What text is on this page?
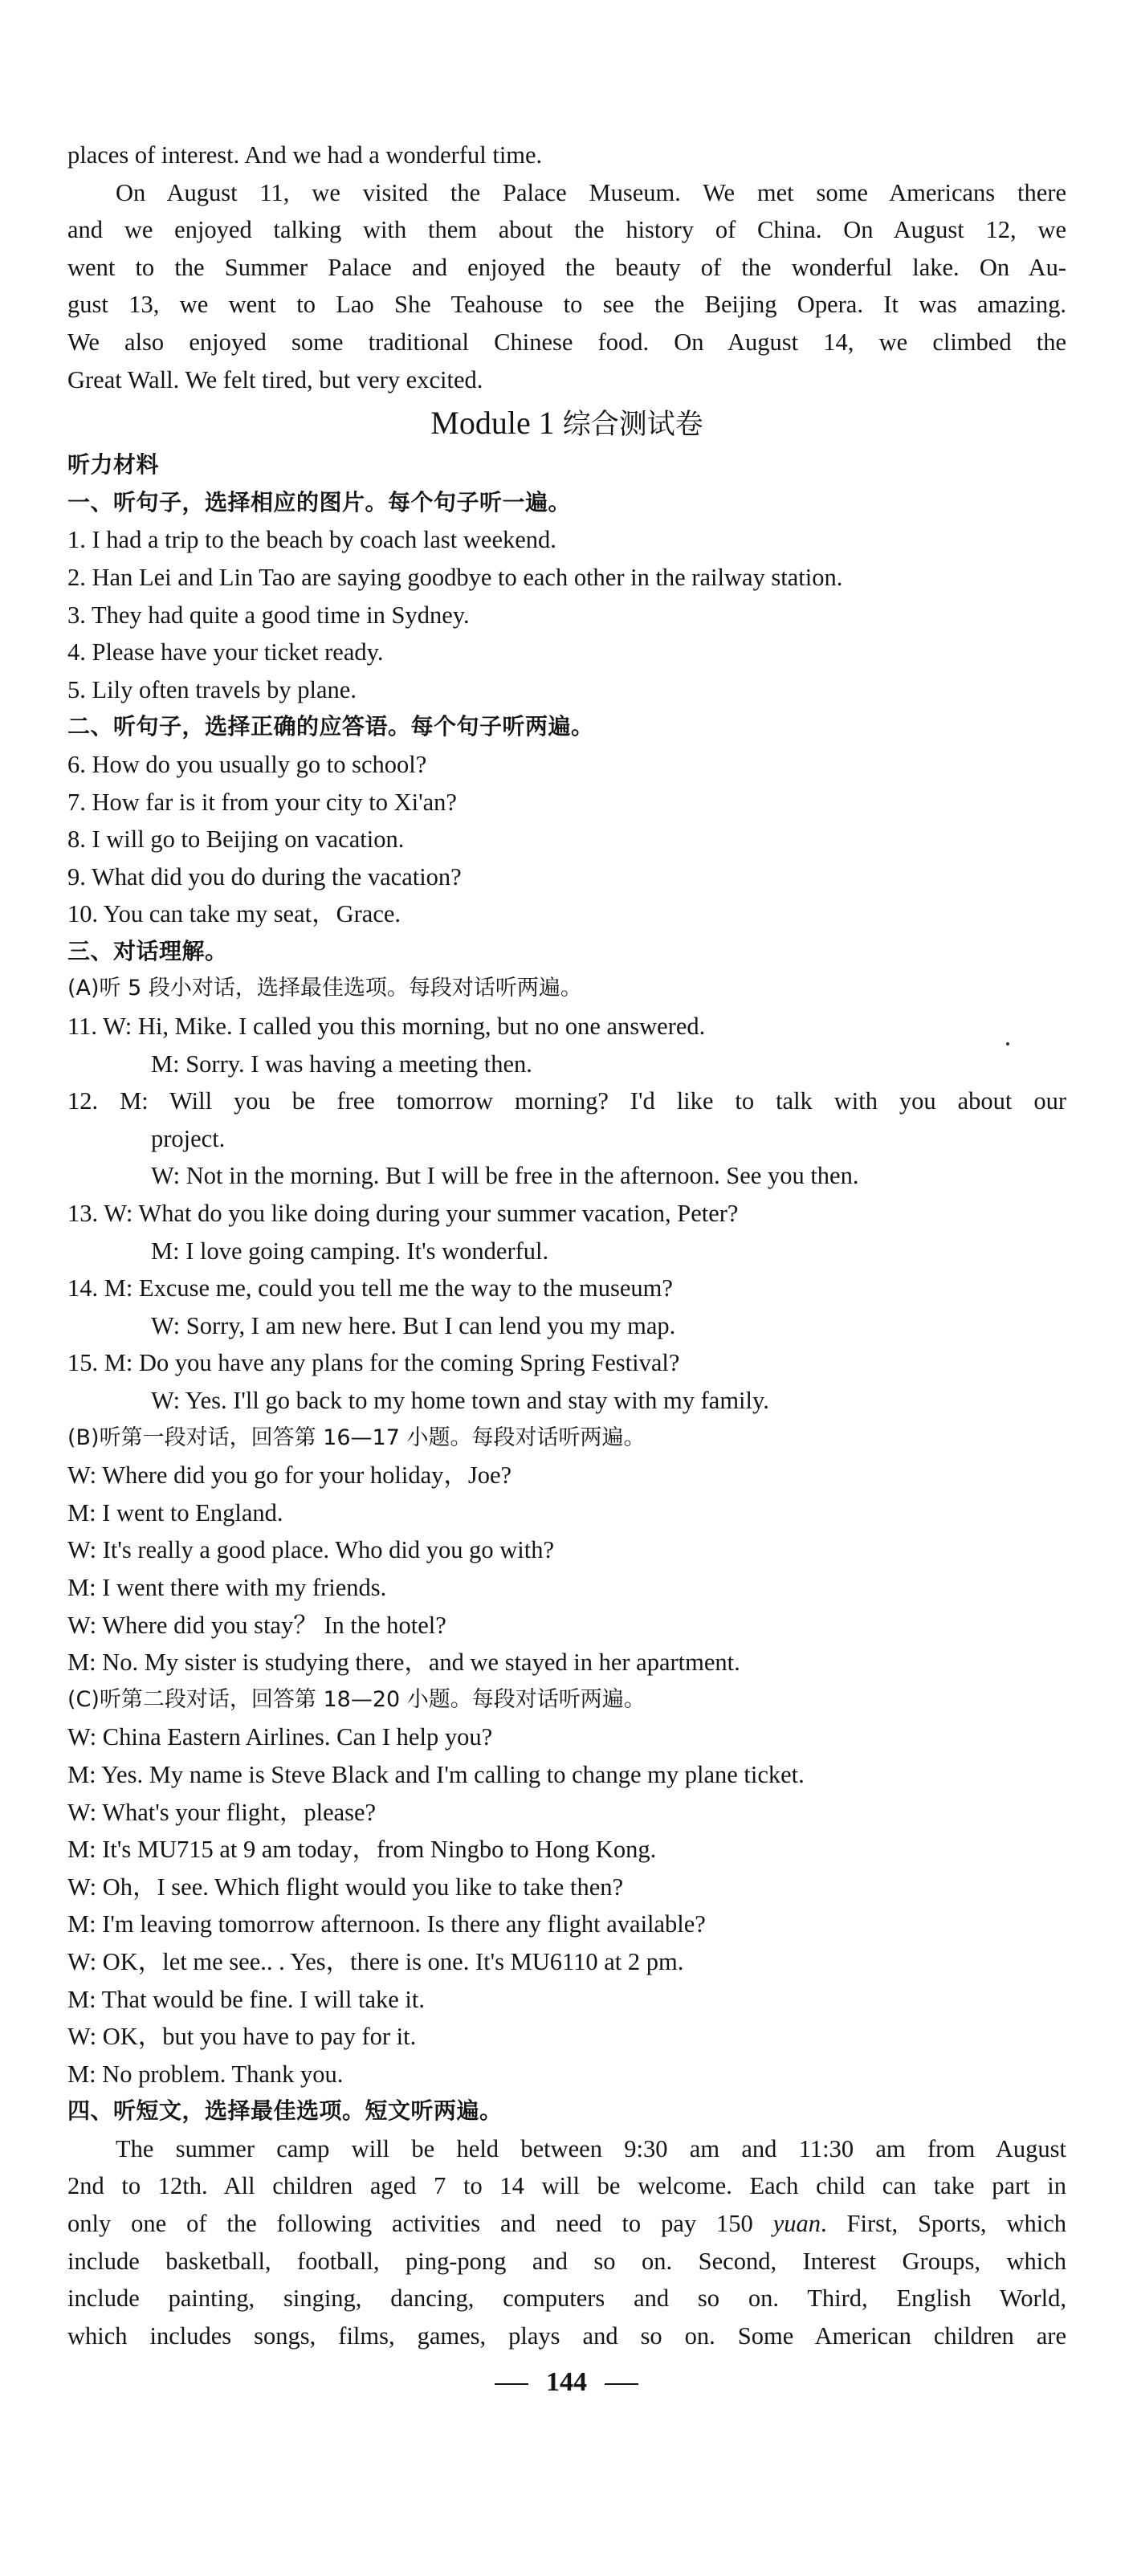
places of interest. And we had a wonderful time.
On August 11, we visited the Palace Museum. We met some Americans there
and we enjoyed talking with them about the history of China. On August 12, we
went to the Summer Palace and enjoyed the beauty of the wonderful lake. On Au-
gust 13, we went to Lao She Teahouse to see the Beijing Opera. It was amazing.
We also enjoyed some traditional Chinese food. On August 14, we climbed the
Great Wall. We felt tired, but very excited.
Module 1 综合测试卷
听力材料
一、听句子，选择相应的图片。每个句子听一遍。
1. I had a trip to the beach by coach last weekend.
2. Han Lei and Lin Tao are saying goodbye to each other in the railway station.
3. They had quite a good time in Sydney.
4. Please have your ticket ready.
5. Lily often travels by plane.
二、听句子，选择正确的应答语。每个句子听两遍。
6. How do you usually go to school?
7. How far is it from your city to Xi'an?
8. I will go to Beijing on vacation.
9. What did you do during the vacation?
10. You can take my seat，Grace.
三、对话理解。
(A)听 5 段小对话，选择最佳选项。每段对话听两遍。
11. W: Hi, Mike. I called you this morning, but no one answered.
M: Sorry. I was having a meeting then.
12. M: Will you be free tomorrow morning? I'd like to talk with you about our
project.
W: Not in the morning. But I will be free in the afternoon. See you then.
13. W: What do you like doing during your summer vacation, Peter?
M: I love going camping. It's wonderful.
14. M: Excuse me, could you tell me the way to the museum?
W: Sorry, I am new here. But I can lend you my map.
15. M: Do you have any plans for the coming Spring Festival?
W: Yes. I'll go back to my home town and stay with my family.
(B)听第一段对话，回答第 16—17 小题。每段对话听两遍。
W: Where did you go for your holiday，Joe?
M: I went to England.
W: It's really a good place. Who did you go with?
M: I went there with my friends.
W: Where did you stay？ In the hotel?
M: No. My sister is studying there，and we stayed in her apartment.
(C)听第二段对话，回答第 18—20 小题。每段对话听两遍。
W: China Eastern Airlines. Can I help you?
M: Yes. My name is Steve Black and I'm calling to change my plane ticket.
W: What's your flight，please?
M: It's MU715 at 9 am today，from Ningbo to Hong Kong.
W: Oh，I see. Which flight would you like to take then?
M: I'm leaving tomorrow afternoon. Is there any flight available?
W: OK，let me see.. . Yes，there is one. It's MU6110 at 2 pm.
M: That would be fine. I will take it.
W: OK，but you have to pay for it.
M: No problem. Thank you.
四、听短文，选择最佳选项。短文听两遍。
The summer camp will be held between 9:30 am and 11:30 am from August
2nd to 12th. All children aged 7 to 14 will be welcome. Each child can take part in
only one of the following activities and need to pay 150 yuan. First, Sports, which
include basketball, football, ping-pong and so on. Second, Interest Groups, which
include painting, singing, dancing, computers and so on. Third, English World,
which includes songs, films, games, plays and so on. Some American children are
144
